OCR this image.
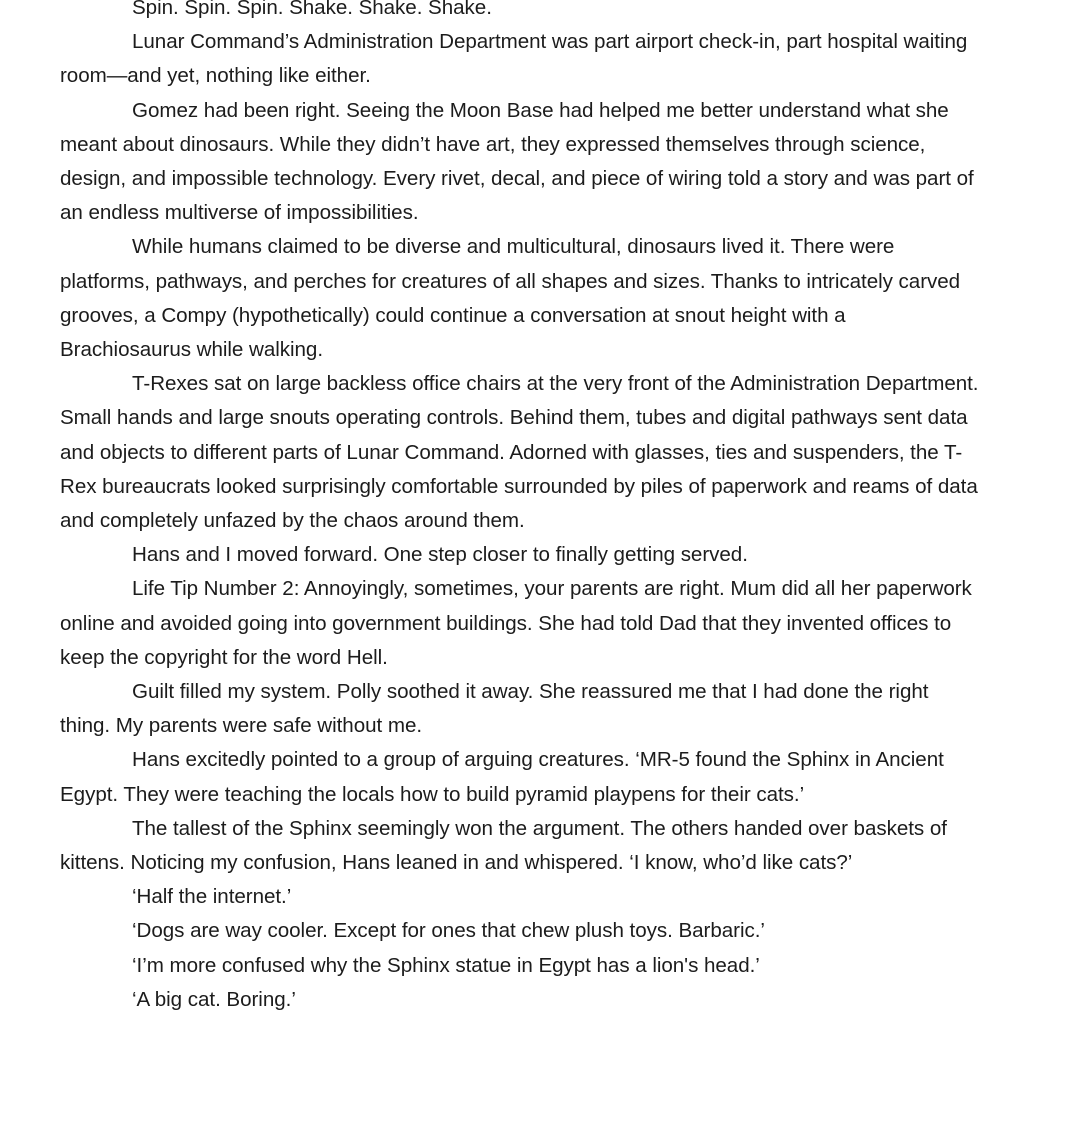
Spin. Spin. Spin. Shake. Shake. Shake.

Lunar Command’s Administration Department was part airport check-in, part hospital waiting room—and yet, nothing like either.

Gomez had been right. Seeing the Moon Base had helped me better understand what she meant about dinosaurs. While they didn’t have art, they expressed themselves through science, design, and impossible technology. Every rivet, decal, and piece of wiring told a story and was part of an endless multiverse of impossibilities.

While humans claimed to be diverse and multicultural, dinosaurs lived it. There were platforms, pathways, and perches for creatures of all shapes and sizes. Thanks to intricately carved grooves, a Compy (hypothetically) could continue a conversation at snout height with a Brachiosaurus while walking.

T-Rexes sat on large backless office chairs at the very front of the Administration Department. Small hands and large snouts operating controls. Behind them, tubes and digital pathways sent data and objects to different parts of Lunar Command. Adorned with glasses, ties and suspenders, the T-Rex bureaucrats looked surprisingly comfortable surrounded by piles of paperwork and reams of data and completely unfazed by the chaos around them.

Hans and I moved forward. One step closer to finally getting served.

Life Tip Number 2: Annoyingly, sometimes, your parents are right. Mum did all her paperwork online and avoided going into government buildings. She had told Dad that they invented offices to keep the copyright for the word Hell.

Guilt filled my system. Polly soothed it away. She reassured me that I had done the right thing. My parents were safe without me.

Hans excitedly pointed to a group of arguing creatures. ‘MR-5 found the Sphinx in Ancient Egypt. They were teaching the locals how to build pyramid playpens for their cats.’

The tallest of the Sphinx seemingly won the argument. The others handed over baskets of kittens. Noticing my confusion, Hans leaned in and whispered. ‘I know, who’d like cats?’

‘Half the internet.’

‘Dogs are way cooler. Except for ones that chew plush toys. Barbaric.’

‘I’m more confused why the Sphinx statue in Egypt has a lion's head.’

‘A big cat. Boring.’
